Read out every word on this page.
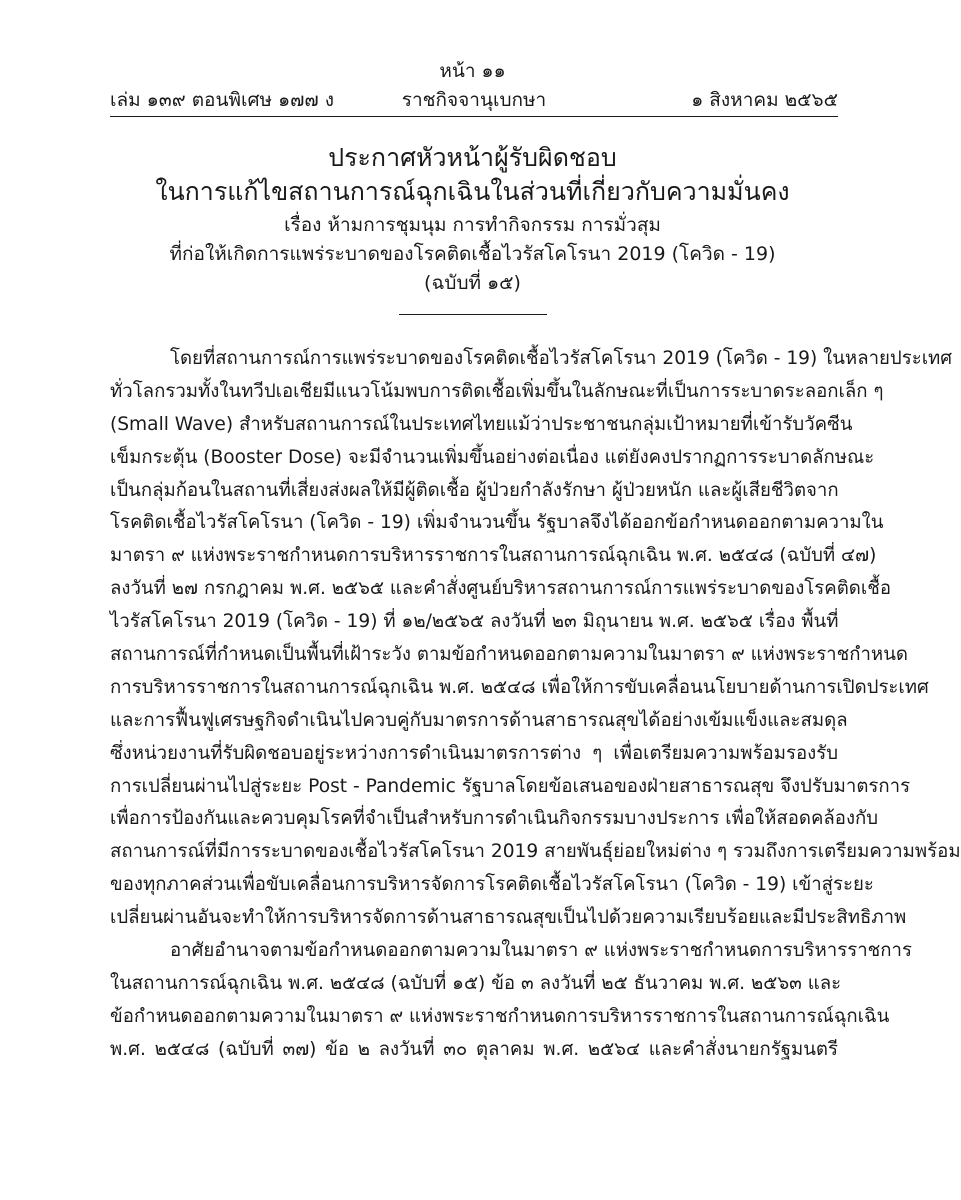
หน้า ๑๑
ราชกิจจานุเบกษา
เล่ม ๑๓๙ ตอนพิเศษ ๑๗๗ ง	๑ สิงหาคม ๒๕๖๕
ประกาศหัวหน้าผู้รับผิดชอบ
ในการแก้ไขสถานการณ์ฉุกเฉินในส่วนที่เกี่ยวกับความมั่นคง
เรื่อง ห้ามการชุมนุม การทำกิจกรรม การมั่วสุม
ที่ก่อให้เกิดการแพร่ระบาดของโรคติดเชื้อไวรัสโคโรนา 2019 (โควิด - 19)
(ฉบับที่ ๑๕)
โดยที่สถานการณ์การแพร่ระบาดของโรคติดเชื้อไวรัสโคโรนา 2019 (โควิด - 19) ในหลายประเทศ
ทั่วโลกรวมทั้งในทวีปเอเชียมีแนวโน้มพบการติดเชื้อเพิ่มขึ้นในลักษณะที่เป็นการระบาดระลอกเล็ก ๆ
(Small Wave) สำหรับสถานการณ์ในประเทศไทยแม้ว่าประชาชนกลุ่มเป้าหมายที่เข้ารับวัคซีน
เข็มกระตุ้น (Booster Dose) จะมีจำนวนเพิ่มขึ้นอย่างต่อเนื่อง แต่ยังคงปรากฏการระบาดลักษณะ
เป็นกลุ่มก้อนในสถานที่เสี่ยงส่งผลให้มีผู้ติดเชื้อ ผู้ป่วยกำลังรักษา ผู้ป่วยหนัก และผู้เสียชีวิตจาก
โรคติดเชื้อไวรัสโคโรนา (โควิด - 19) เพิ่มจำนวนขึ้น รัฐบาลจึงได้ออกข้อกำหนดออกตามความใน
มาตรา ๙ แห่งพระราชกำหนดการบริหารราชการในสถานการณ์ฉุกเฉิน พ.ศ. ๒๕๔๘ (ฉบับที่ ๔๗)
ลงวันที่ ๒๗ กรกฎาคม พ.ศ. ๒๕๖๕ และคำสั่งศูนย์บริหารสถานการณ์การแพร่ระบาดของโรคติดเชื้อ
ไวรัสโคโรนา 2019 (โควิด - 19) ที่ ๑๒/๒๕๖๕ ลงวันที่ ๒๓ มิถุนายน พ.ศ. ๒๕๖๕ เรื่อง พื้นที่
สถานการณ์ที่กำหนดเป็นพื้นที่เฝ้าระวัง ตามข้อกำหนดออกตามความในมาตรา ๙ แห่งพระราชกำหนด
การบริหารราชการในสถานการณ์ฉุกเฉิน พ.ศ. ๒๕๔๘ เพื่อให้การขับเคลื่อนนโยบายด้านการเปิดประเทศ
และการฟื้นฟูเศรษฐกิจดำเนินไปควบคู่กับมาตรการด้านสาธารณสุขได้อย่างเข้มแข็งและสมดุล
ซึ่งหน่วยงานที่รับผิดชอบอยู่ระหว่างการดำเนินมาตรการต่าง ๆ เพื่อเตรียมความพร้อมรองรับ
การเปลี่ยนผ่านไปสู่ระยะ Post - Pandemic รัฐบาลโดยข้อเสนอของฝ่ายสาธารณสุข จึงปรับมาตรการ
เพื่อการป้องกันและควบคุมโรคที่จำเป็นสำหรับการดำเนินกิจกรรมบางประการ เพื่อให้สอดคล้องกับ
สถานการณ์ที่มีการระบาดของเชื้อไวรัสโคโรนา 2019 สายพันธุ์ย่อยใหม่ต่าง ๆ รวมถึงการเตรียมความพร้อม
ของทุกภาคส่วนเพื่อขับเคลื่อนการบริหารจัดการโรคติดเชื้อไวรัสโคโรนา (โควิด - 19) เข้าสู่ระยะ
เปลี่ยนผ่านอันจะทำให้การบริหารจัดการด้านสาธารณสุขเป็นไปด้วยความเรียบร้อยและมีประสิทธิภาพ
อาศัยอำนาจตามข้อกำหนดออกตามความในมาตรา ๙ แห่งพระราชกำหนดการบริหารราชการ
ในสถานการณ์ฉุกเฉิน พ.ศ. ๒๕๔๘ (ฉบับที่ ๑๕) ข้อ ๓ ลงวันที่ ๒๕ ธันวาคม พ.ศ. ๒๕๖๓ และ
ข้อกำหนดออกตามความในมาตรา ๙ แห่งพระราชกำหนดการบริหารราชการในสถานการณ์ฉุกเฉิน
พ.ศ. ๒๕๔๘ (ฉบับที่ ๓๗) ข้อ ๒ ลงวันที่ ๓๐ ตุลาคม พ.ศ. ๒๕๖๔ และคำสั่งนายกรัฐมนตรี
